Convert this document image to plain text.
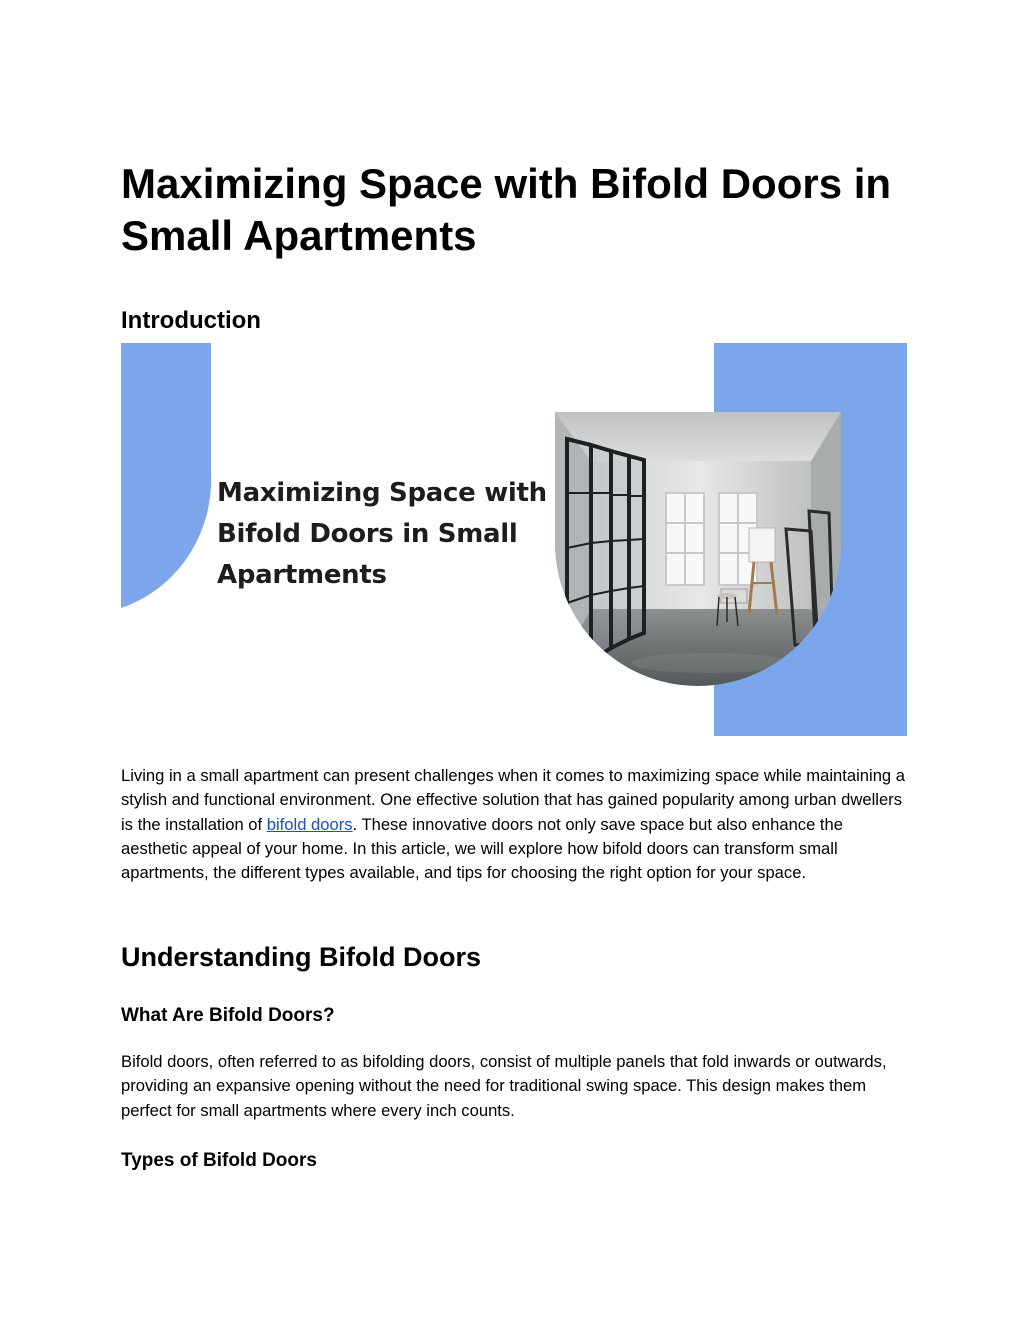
Maximizing Space with Bifold Doors in Small Apartments
Introduction
Maximizing Space with Bifold Doors in Small Apartments

Living in a small apartment can present challenges when it comes to maximizing space while maintaining a stylish and functional environment. One effective solution that has gained popularity among urban dwellers is the installation of bifold doors. These innovative doors not only save space but also enhance the aesthetic appeal of your home. In this article, we will explore how bifold doors can transform small apartments, the different types available, and tips for choosing the right option for your space.

Understanding Bifold Doors
What Are Bifold Doors?

Bifold doors, often referred to as bifolding doors, consist of multiple panels that fold inwards or outwards, providing an expansive opening without the need for traditional swing space. This design makes them perfect for small apartments where every inch counts.

Types of Bifold Doors
